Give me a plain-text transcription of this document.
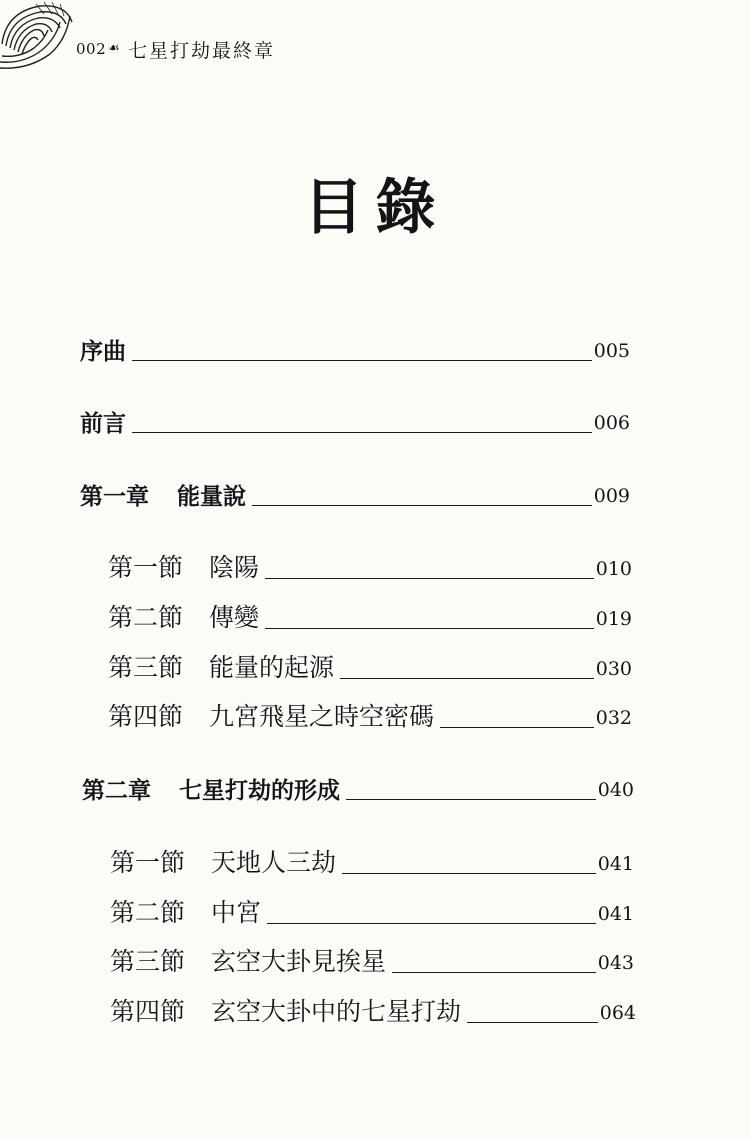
002 ☙ 七星打劫最終章
目錄
序曲	005
前言	006
第一章 能量說	009
第一節 陰陽	010
第二節 傳變	019
第三節 能量的起源	030
第四節 九宮飛星之時空密碼	032
第二章 七星打劫的形成	040
第一節 天地人三劫	041
第二節 中宮	041
第三節 玄空大卦見挨星	043
第四節 玄空大卦中的七星打劫	064
